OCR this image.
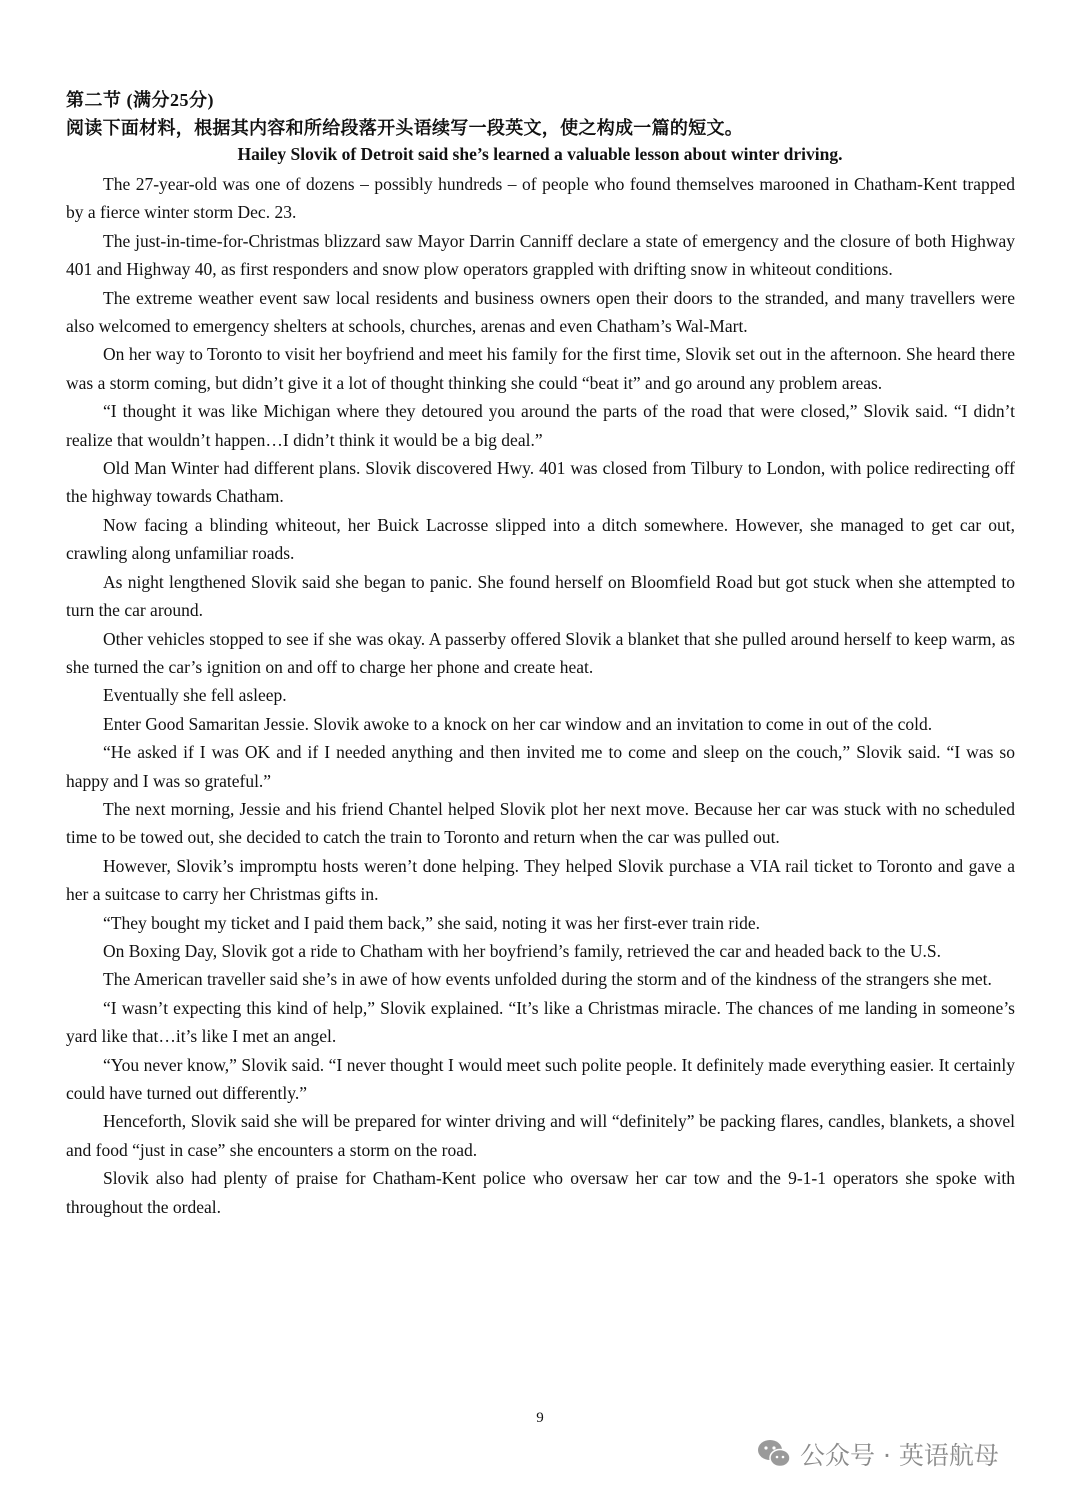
第二节 (满分25分)
阅读下面材料，根据其内容和所给段落开头语续写一段英文，使之构成一篇的短文。
Hailey Slovik of Detroit said she’s learned a valuable lesson about winter driving.

The 27-year-old was one of dozens – possibly hundreds – of people who found themselves marooned in Chatham-Kent trapped by a fierce winter storm Dec. 23.

The just-in-time-for-Christmas blizzard saw Mayor Darrin Canniff declare a state of emergency and the closure of both Highway 401 and Highway 40, as first responders and snow plow operators grappled with drifting snow in whiteout conditions.

The extreme weather event saw local residents and business owners open their doors to the stranded, and many travellers were also welcomed to emergency shelters at schools, churches, arenas and even Chatham’s Wal-Mart.

On her way to Toronto to visit her boyfriend and meet his family for the first time, Slovik set out in the afternoon. She heard there was a storm coming, but didn’t give it a lot of thought thinking she could “beat it” and go around any problem areas.

“I thought it was like Michigan where they detoured you around the parts of the road that were closed,” Slovik said. “I didn’t realize that wouldn’t happen…I didn’t think it would be a big deal.”

Old Man Winter had different plans. Slovik discovered Hwy. 401 was closed from Tilbury to London, with police redirecting off the highway towards Chatham.

Now facing a blinding whiteout, her Buick Lacrosse slipped into a ditch somewhere. However, she managed to get car out, crawling along unfamiliar roads.

As night lengthened Slovik said she began to panic. She found herself on Bloomfield Road but got stuck when she attempted to turn the car around.

Other vehicles stopped to see if she was okay. A passerby offered Slovik a blanket that she pulled around herself to keep warm, as she turned the car’s ignition on and off to charge her phone and create heat.

Eventually she fell asleep.

Enter Good Samaritan Jessie. Slovik awoke to a knock on her car window and an invitation to come in out of the cold.

“He asked if I was OK and if I needed anything and then invited me to come and sleep on the couch,” Slovik said. “I was so happy and I was so grateful.”

The next morning, Jessie and his friend Chantel helped Slovik plot her next move. Because her car was stuck with no scheduled time to be towed out, she decided to catch the train to Toronto and return when the car was pulled out.

However, Slovik’s impromptu hosts weren’t done helping. They helped Slovik purchase a VIA rail ticket to Toronto and gave a her a suitcase to carry her Christmas gifts in.

“They bought my ticket and I paid them back,” she said, noting it was her first-ever train ride.

On Boxing Day, Slovik got a ride to Chatham with her boyfriend’s family, retrieved the car and headed back to the U.S.

The American traveller said she’s in awe of how events unfolded during the storm and of the kindness of the strangers she met.

“I wasn’t expecting this kind of help,” Slovik explained. “It’s like a Christmas miracle. The chances of me landing in someone’s yard like that…it’s like I met an angel.

“You never know,” Slovik said. “I never thought I would meet such polite people. It definitely made everything easier. It certainly could have turned out differently.”

Henceforth, Slovik said she will be prepared for winter driving and will “definitely” be packing flares, candles, blankets, a shovel and food “just in case” she encounters a storm on the road.

Slovik also had plenty of praise for Chatham-Kent police who oversaw her car tow and the 9-1-1 operators she spoke with throughout the ordeal.

9
公众号 · 英语航母
